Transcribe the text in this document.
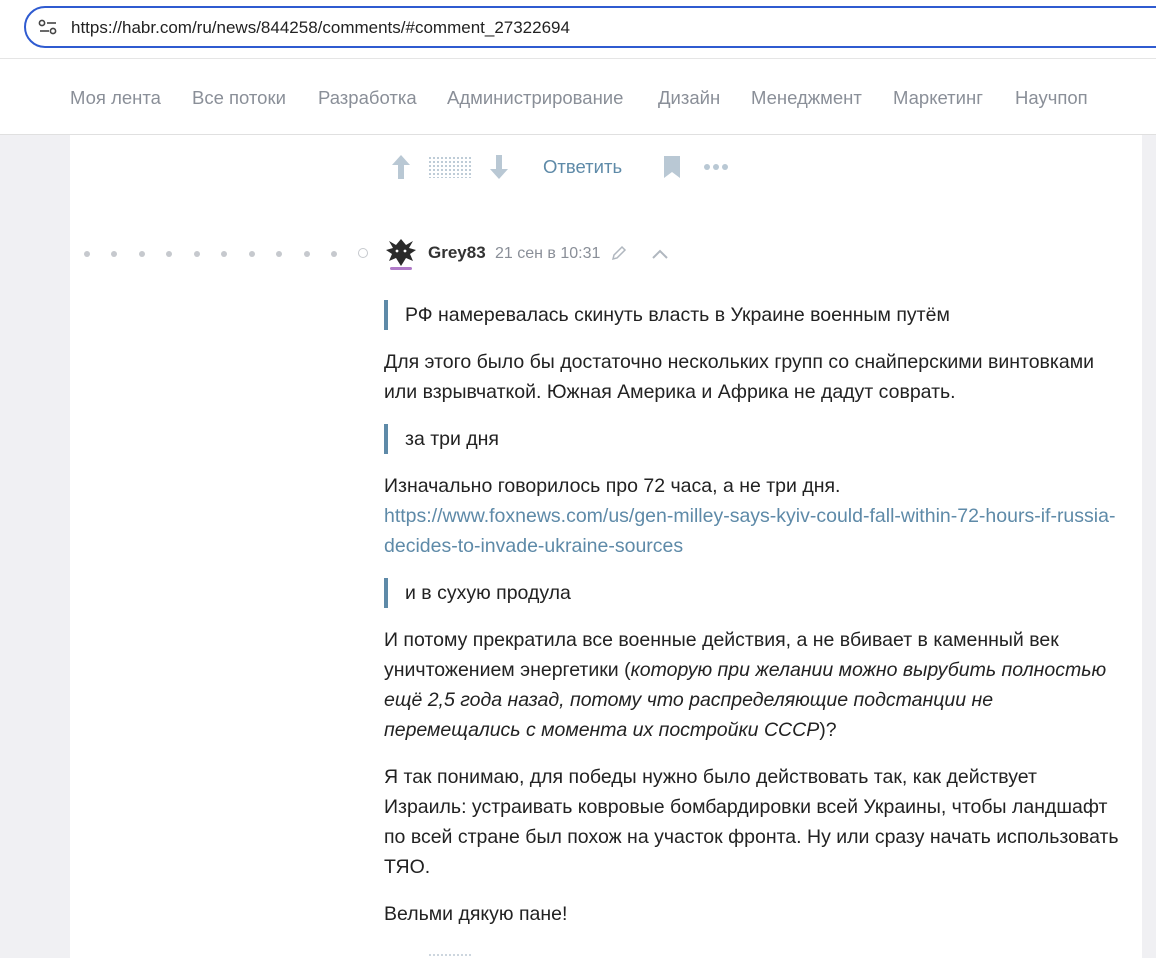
https://habr.com/ru/news/844258/comments/#comment_27322694
Моя лента Все потоки Разработка Администрирование Дизайн Менеджмент Маркетинг Научпоп
Ответить
Grey83 21 сен в 10:31
РФ намеревалась скинуть власть в Украине военным путём
Для этого было бы достаточно нескольких групп со снайперскими винтовками или взрывчаткой. Южная Америка и Африка не дадут соврать.
за три дня
Изначально говорилось про 72 часа, а не три дня.
https://www.foxnews.com/us/gen-milley-says-kyiv-could-fall-within-72-hours-if-russia-decides-to-invade-ukraine-sources
и в сухую продула
И потому прекратила все военные действия, а не вбивает в каменный век уничтожением энергетики (которую при желании можно вырубить полностью ещё 2,5 года назад, потому что распределяющие подстанции не перемещались с момента их постройки СССР)?
Я так понимаю, для победы нужно было действовать так, как действует Израиль: устраивать ковровые бомбардировки всей Украины, чтобы ландшафт по всей стране был похож на участок фронта. Ну или сразу начать использовать ТЯО.
Вельми дякую пане!
